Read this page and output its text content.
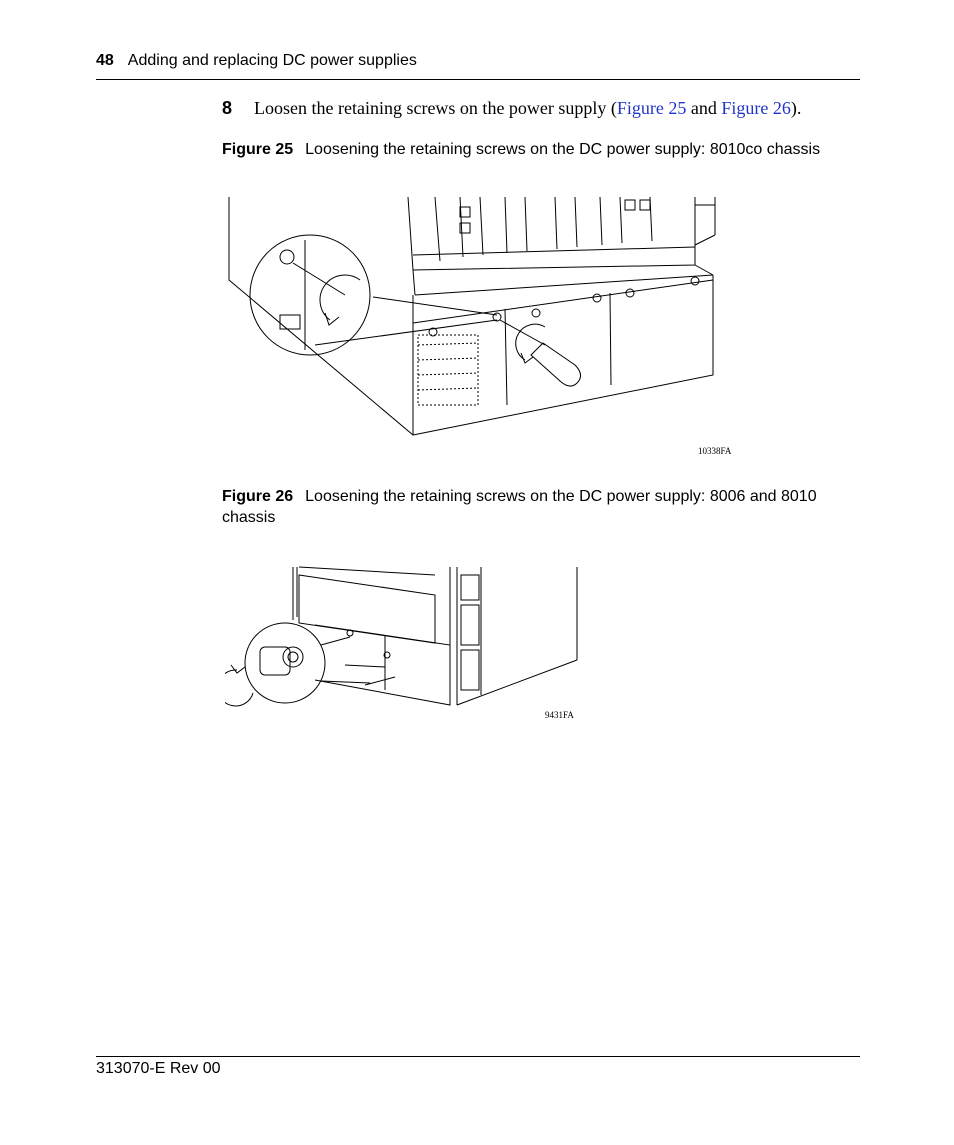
48 Adding and replacing DC power supplies
8 Loosen the retaining screws on the power supply (Figure 25 and Figure 26).
Figure 25 Loosening the retaining screws on the DC power supply: 8010co chassis
10338FA
Figure 26 Loosening the retaining screws on the DC power supply: 8006 and 8010 chassis
9431FA
313070-E Rev 00
